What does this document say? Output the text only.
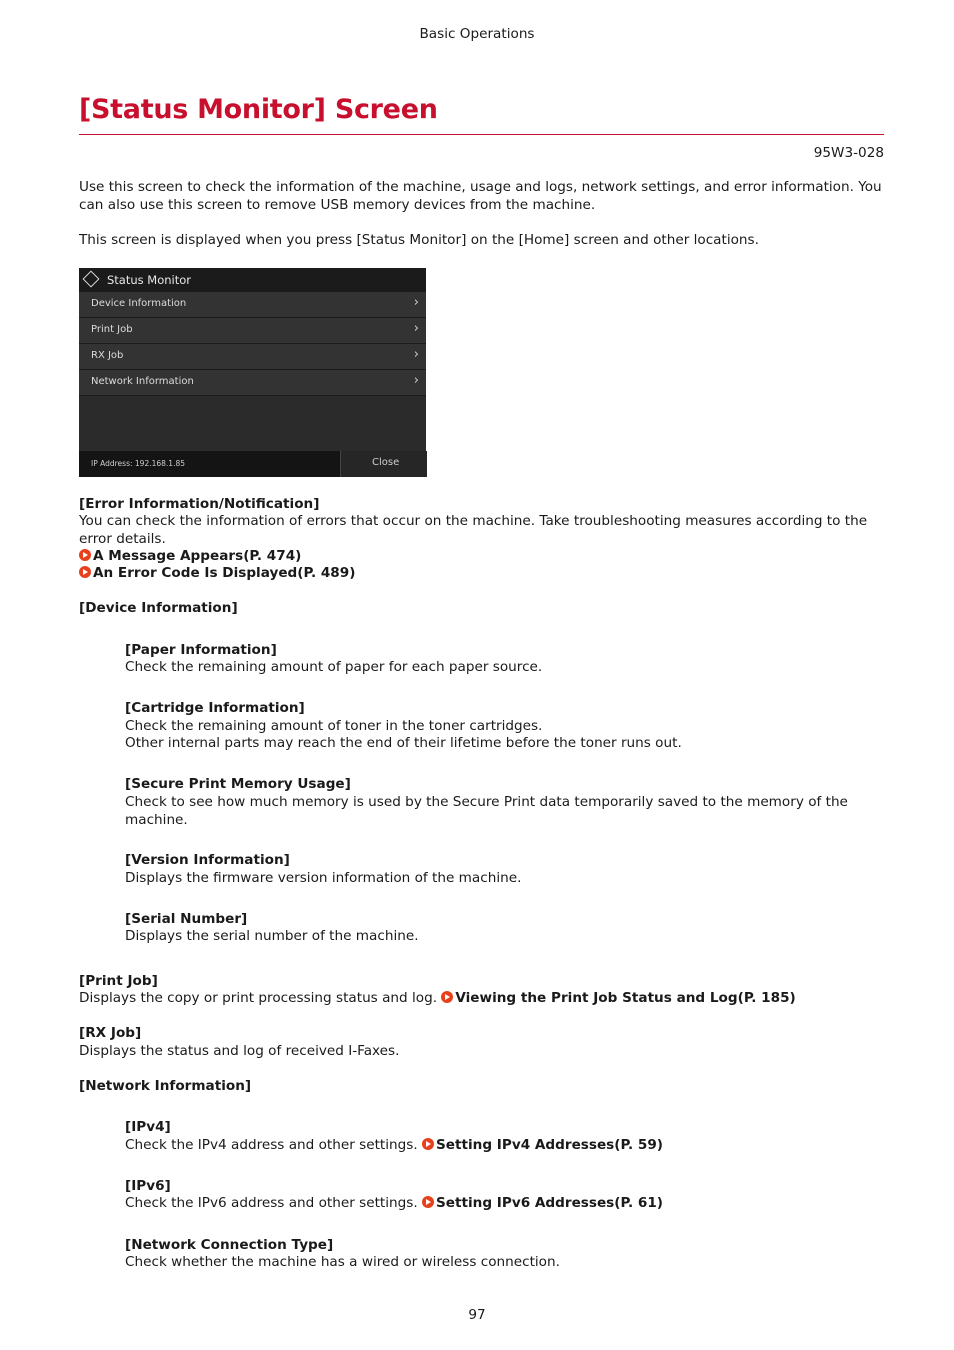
Basic Operations
[Status Monitor] Screen
95W3-028
Use this screen to check the information of the machine, usage and logs, network settings, and error information. You can also use this screen to remove USB memory devices from the machine.
This screen is displayed when you press [Status Monitor] on the [Home] screen and other locations.
Status Monitor
Device Information	›
Print Job	›
RX Job	›
Network Information	›
IP Address: 192.168.1.85	Close
[Error Information/Notification]
You can check the information of errors that occur on the machine. Take troubleshooting measures according to the error details.
A Message Appears(P. 474)
An Error Code Is Displayed(P. 489)
[Device Information]
[Paper Information]
Check the remaining amount of paper for each paper source.
[Cartridge Information]
Check the remaining amount of toner in the toner cartridges.
Other internal parts may reach the end of their lifetime before the toner runs out.
[Secure Print Memory Usage]
Check to see how much memory is used by the Secure Print data temporarily saved to the memory of the machine.
[Version Information]
Displays the firmware version information of the machine.
[Serial Number]
Displays the serial number of the machine.
[Print Job]
Displays the copy or print processing status and log. Viewing the Print Job Status and Log(P. 185)
[RX Job]
Displays the status and log of received I-Faxes.
[Network Information]
[IPv4]
Check the IPv4 address and other settings. Setting IPv4 Addresses(P. 59)
[IPv6]
Check the IPv6 address and other settings. Setting IPv6 Addresses(P. 61)
[Network Connection Type]
Check whether the machine has a wired or wireless connection.
97
